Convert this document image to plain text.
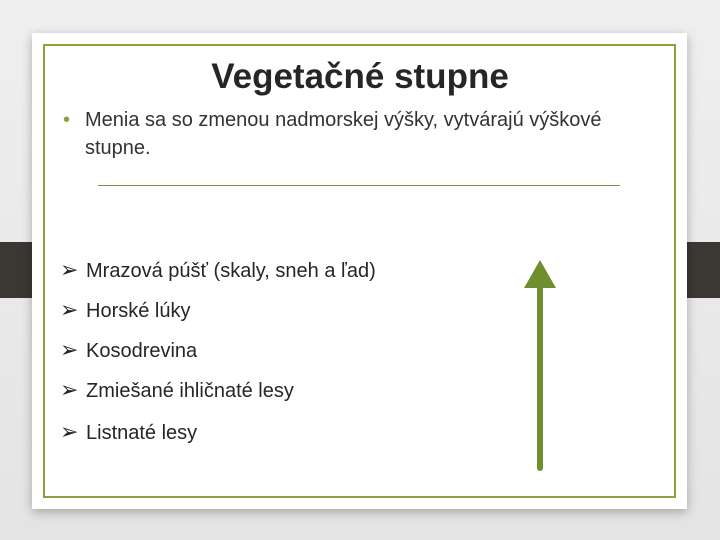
Vegetačné stupne
• Menia sa so zmenou nadmorskej výšky, vytvárajú výškové stupne.
➢ Mrazová púšť (skaly, sneh a ľad)
➢ Horské lúky
➢ Kosodrevina
➢ Zmiešané ihličnaté lesy
➢ Listnaté lesy
